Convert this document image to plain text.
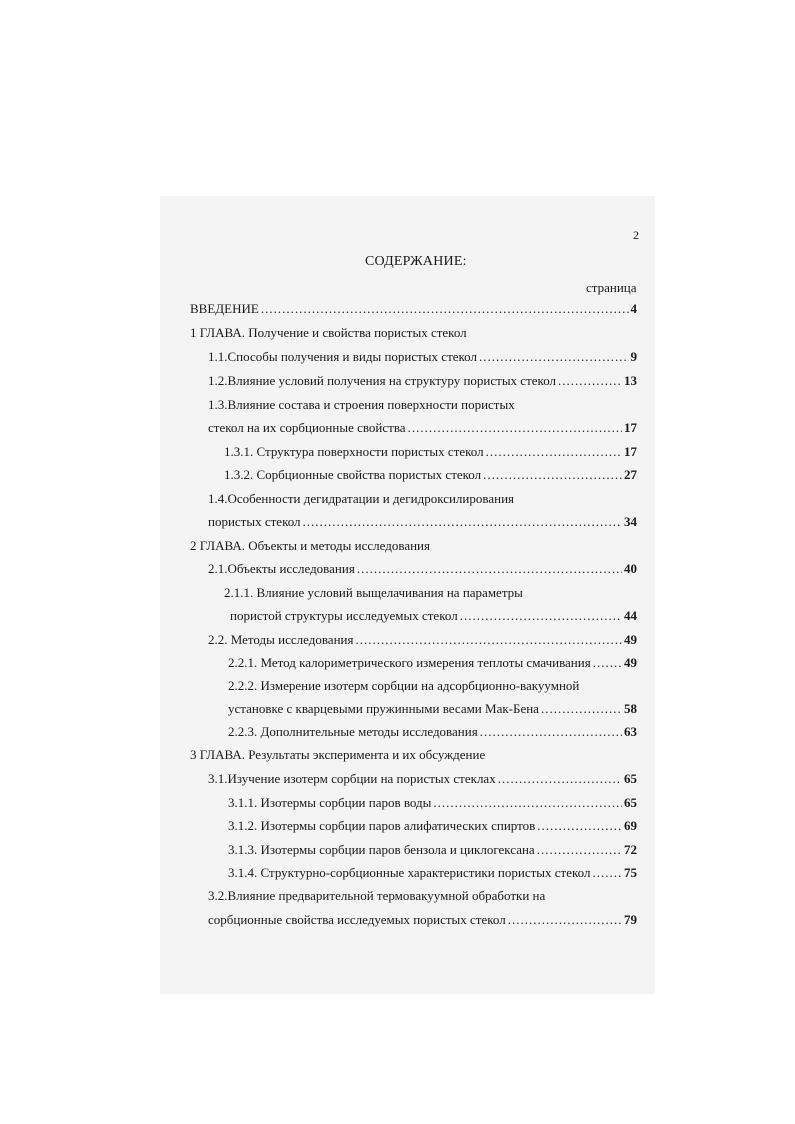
2
СОДЕРЖАНИЕ:
страница
ВВЕДЕНИЕ .....	4
1 ГЛАВА. Получение и свойства пористых стекол
1.1.Способы получения и виды пористых стекол .....	9
1.2.Влияние условий получения на структуру пористых стекол .....	13
1.3.Влияние состава и строения поверхности пористых
стекол на их сорбционные свойства .....	17
1.3.1. Структура поверхности пористых стекол .....	17
1.3.2. Сорбционные свойства пористых стекол .....	27
1.4.Особенности дегидратации и дегидроксилирования
пористых стекол .....	34
2 ГЛАВА. Объекты и методы исследования
2.1.Объекты исследования .....	40
2.1.1. Влияние условий выщелачивания на параметры
пористой структуры исследуемых стекол .....	44
2.2. Методы исследования .....	49
2.2.1. Метод калориметрического измерения теплоты смачивания .....	49
2.2.2. Измерение изотерм сорбции на адсорбционно-вакуумной
установке с кварцевыми пружинными весами Мак-Бена .....	58
2.2.3. Дополнительные методы исследования .....	63
3 ГЛАВА. Результаты эксперимента и их обсуждение
3.1.Изучение изотерм сорбции на пористых стеклах .....	65
3.1.1. Изотермы сорбции паров воды .....	65
3.1.2. Изотермы сорбции паров алифатических спиртов .....	69
3.1.3. Изотермы сорбции паров бензола и циклогексана .....	72
3.1.4. Структурно-сорбционные характеристики пористых стекол .....	75
3.2.Влияние предварительной термовакуумной обработки на
сорбционные свойства исследуемых пористых стекол .....	79
